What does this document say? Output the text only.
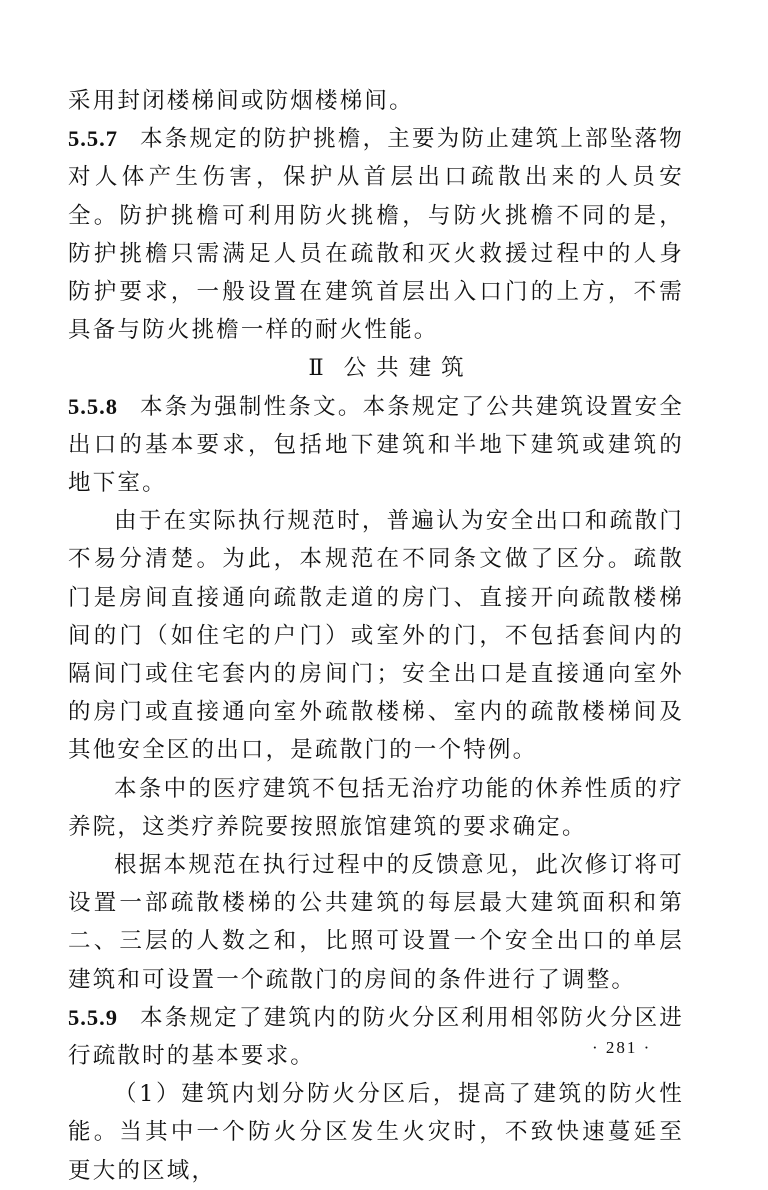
采用封闭楼梯间或防烟楼梯间。

5.5.7 本条规定的防护挑檐，主要为防止建筑上部坠落物对人体产生伤害，保护从首层出口疏散出来的人员安全。防护挑檐可利用防火挑檐，与防火挑檐不同的是，防护挑檐只需满足人员在疏散和灭火救援过程中的人身防护要求，一般设置在建筑首层出入口门的上方，不需具备与防火挑檐一样的耐火性能。

Ⅱ 公共建筑

5.5.8 本条为强制性条文。本条规定了公共建筑设置安全出口的基本要求，包括地下建筑和半地下建筑或建筑的地下室。

由于在实际执行规范时，普遍认为安全出口和疏散门不易分清楚。为此，本规范在不同条文做了区分。疏散门是房间直接通向疏散走道的房门、直接开向疏散楼梯间的门（如住宅的户门）或室外的门，不包括套间内的隔间门或住宅套内的房间门；安全出口是直接通向室外的房门或直接通向室外疏散楼梯、室内的疏散楼梯间及其他安全区的出口，是疏散门的一个特例。

本条中的医疗建筑不包括无治疗功能的休养性质的疗养院，这类疗养院要按照旅馆建筑的要求确定。

根据本规范在执行过程中的反馈意见，此次修订将可设置一部疏散楼梯的公共建筑的每层最大建筑面积和第二、三层的人数之和，比照可设置一个安全出口的单层建筑和可设置一个疏散门的房间的条件进行了调整。

5.5.9 本条规定了建筑内的防火分区利用相邻防火分区进行疏散时的基本要求。

（1）建筑内划分防火分区后，提高了建筑的防火性能。当其中一个防火分区发生火灾时，不致快速蔓延至更大的区域，

· 281 ·
